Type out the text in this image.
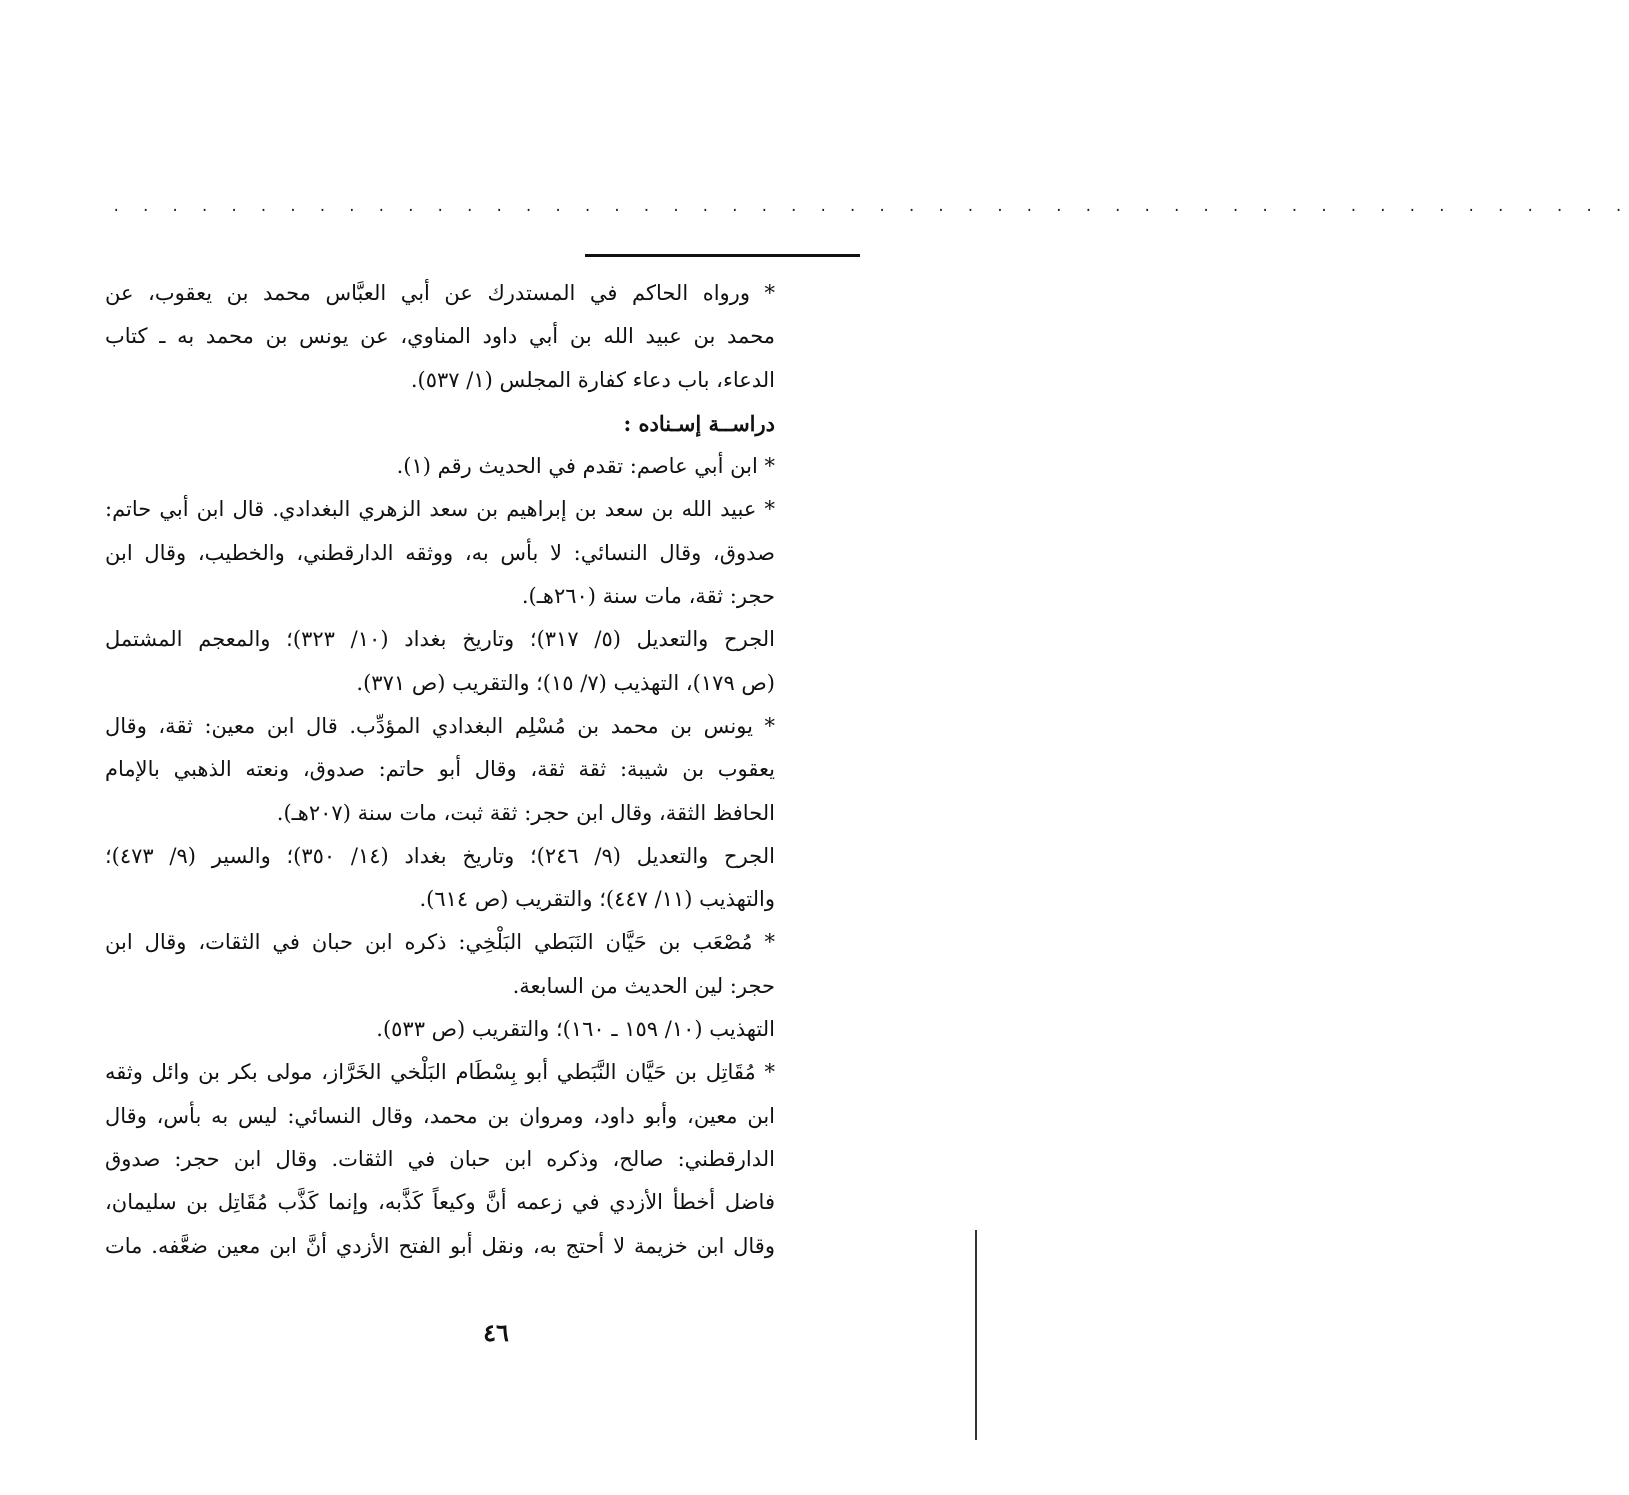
. . . . . . . . . . . . . . . . . . . . . . . . . . . . . . . . . . . . . . . . . . . . . . . . . . . .
* ورواه الحاكم في المستدرك عن أبي العبَّاس محمد بن يعقوب، عن
محمد بن عبيد الله بن أبي داود المناوي، عن يونس بن محمد به ـ كتاب
الدعاء، باب دعاء كفارة المجلس (١/ ٥٣٧).
دراســة إسـناده :
* ابن أبي عاصم: تقدم في الحديث رقم (١).
* عبيد الله بن سعد بن إبراهيم بن سعد الزهري البغدادي. قال ابن أبي حاتم:
صدوق، وقال النسائي: لا بأس به، ووثقه الدارقطني، والخطيب، وقال ابن
حجر: ثقة، مات سنة (٢٦٠هـ).
الجرح والتعديل (٥/ ٣١٧)؛ وتاريخ بغداد (١٠/ ٣٢٣)؛ والمعجم المشتمل
(ص ١٧٩)، التهذيب (٧/ ١٥)؛ والتقريب (ص ٣٧١).
* يونس بن محمد بن مُسْلِم البغدادي المؤدِّب. قال ابن معين: ثقة، وقال
يعقوب بن شيبة: ثقة ثقة، وقال أبو حاتم: صدوق، ونعته الذهبي بالإمام
الحافظ الثقة، وقال ابن حجر: ثقة ثبت، مات سنة (٢٠٧هـ).
الجرح والتعديل (٩/ ٢٤٦)؛ وتاريخ بغداد (١٤/ ٣٥٠)؛ والسير (٩/ ٤٧٣)؛
والتهذيب (١١/ ٤٤٧)؛ والتقريب (ص ٦١٤).
* مُصْعَب بن حَيَّان النَبَطي البَلْخِي: ذكره ابن حبان في الثقات، وقال ابن
حجر: لين الحديث من السابعة.
التهذيب (١٠/ ١٥٩ ـ ١٦٠)؛ والتقريب (ص ٥٣٣).
* مُقَاتِل بن حَيَّان النَّبَطي أبو بِسْطَام البَلْخي الخَرَّاز، مولى بكر بن وائل وثقه
ابن معين، وأبو داود، ومروان بن محمد، وقال النسائي: ليس به بأس، وقال
الدارقطني: صالح، وذكره ابن حبان في الثقات. وقال ابن حجر: صدوق
فاضل أخطأ الأزدي في زعمه أنَّ وكيعاً كَذَّبه، وإنما كَذَّب مُقَاتِل بن سليمان،
وقال ابن خزيمة لا أحتج به، ونقل أبو الفتح الأزدي أنَّ ابن معين ضعَّفه. مات
٤٦
